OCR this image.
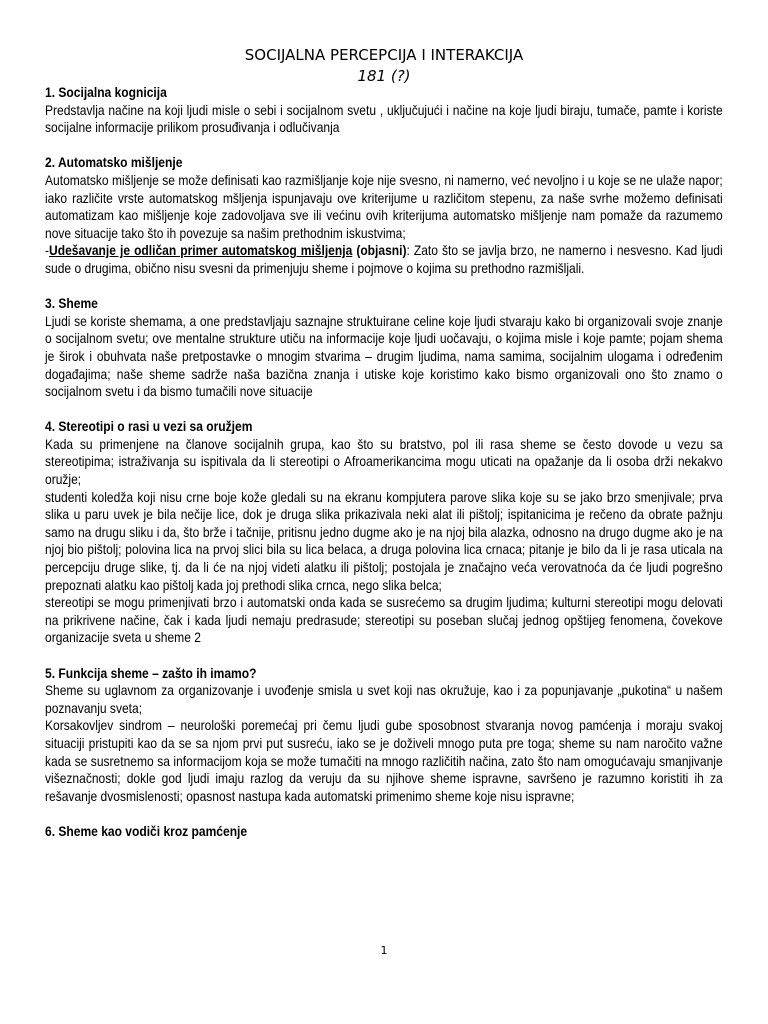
SOCIJALNA PERCEPCIJA I INTERAKCIJA
181 (?)
1. Socijalna kognicija

Predstavlja načine na koji ljudi misle o sebi i socijalnom svetu , uključujući i načine na koje ljudi biraju, tumače, pamte i koriste socijalne informacije prilikom prosuđivanja i odlučivanja

2. Automatsko mišljenje

Automatsko mišljenje se može definisati kao razmišljanje koje nije svesno, ni namerno, već nevoljno i u koje se ne ulaže napor; iako različite vrste automatskog mšljenja ispunjavaju ove kriterijume u različitom stepenu, za naše svrhe možemo definisati automatizam kao mišljenje koje zadovoljava sve ili većinu ovih kriterijuma automatsko mišljenje nam pomaže da razumemo nove situacije tako što ih povezuje sa našim prethodnim iskustvima;

-Udešavanje je odličan primer automatskog mišljenja (objasni): Zato što se javlja brzo, ne namerno i nesvesno. Kad ljudi sude o drugima, obično nisu svesni da primenjuju sheme i pojmove o kojima su prethodno razmišljali.

3. Sheme

Ljudi se koriste shemama, a one predstavljaju saznajne struktuirane celine koje ljudi stvaraju kako bi organizovali svoje znanje o socijalnom svetu; ove mentalne strukture utiču na informacije koje ljudi uočavaju, o kojima misle i koje pamte; pojam shema je širok i obuhvata naše pretpostavke o mnogim stvarima – drugim ljudima, nama samima, socijalnim ulogama i određenim događajima; naše sheme sadrže naša bazična znanja i utiske koje koristimo kako bismo organizovali ono što znamo o socijalnom svetu i da bismo tumačili nove situacije

4. Stereotipi o rasi u vezi sa oružjem

Kada su primenjene na članove socijalnih grupa, kao što su bratstvo, pol ili rasa sheme se često dovode u vezu sa stereotipima; istraživanja su ispitivala da li stereotipi o Afroamerikancima mogu uticati na opažanje da li osoba drži nekakvo oružje;

studenti koledža koji nisu crne boje kože gledali su na ekranu kompjutera parove slika koje su se jako brzo smenjivale; prva slika u paru uvek je bila nečije lice, dok je druga slika prikazivala neki alat ili pištolj; ispitanicima je rečeno da obrate pažnju samo na drugu sliku i da, što brže i tačnije, pritisnu jedno dugme ako je na njoj bila alazka, odnosno na drugo dugme ako je na njoj bio pištolj; polovina lica na prvoj slici bila su lica belaca, a druga polovina lica crnaca; pitanje je bilo da li je rasa uticala na percepciju druge slike, tj. da li će na njoj videti alatku ili pištolj; postojala je značajno veća verovatnoća da će ljudi pogrešno prepoznati alatku kao pištolj kada joj prethodi slika crnca, nego slika belca;

stereotipi se mogu primenjivati brzo i automatski onda kada se susrećemo sa drugim ljudima; kulturni stereotipi mogu delovati na prikrivene načine, čak i kada ljudi nemaju predrasude; stereotipi su poseban slučaj jednog opštijeg fenomena, čovekove organizacije sveta u sheme 2

5. Funkcija sheme – zašto ih imamo?

Sheme su uglavnom za organizovanje i uvođenje smisla u svet koji nas okružuje, kao i za popunjavanje „pukotina“ u našem poznavanju sveta;

Korsakovljev sindrom – neurološki poremećaj pri čemu ljudi gube sposobnost stvaranja novog pamćenja i moraju svakoj situaciji pristupiti kao da se sa njom prvi put susreću, iako se je doživeli mnogo puta pre toga; sheme su nam naročito važne kada se susretnemo sa informacijom koja se može tumačiti na mnogo različitih načina, zato što nam omogućavaju smanjivanje višeznačnosti; dokle god ljudi imaju razlog da veruju da su njihove sheme ispravne, savršeno je razumno koristiti ih za rešavanje dvosmislenosti; opasnost nastupa kada automatski primenimo sheme koje nisu ispravne;

6. Sheme kao vodiči kroz pamćenje
1
